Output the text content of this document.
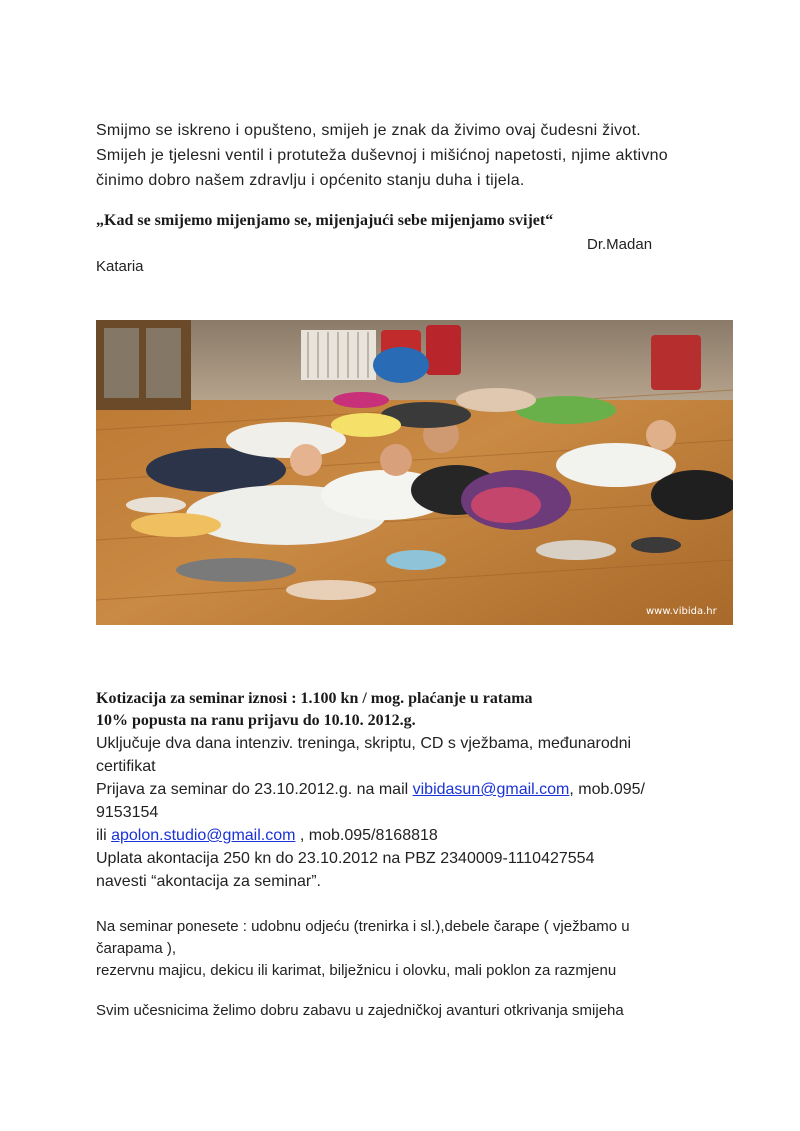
Smijmo se iskreno i opušteno, smijeh je znak da živimo ovaj čudesni život.
Smijeh je tjelesni ventil i protuteža duševnoj i mišićnoj napetosti, njime aktivno
činimo dobro našem zdravlju i općenito stanju duha i tijela.
„Kad se smijemo mijenjamo se, mijenjajući sebe mijenjamo svijet“
Dr.Madan
Kataria
www.vibida.hr
Kotizacija za seminar iznosi : 1.100 kn / mog. plaćanje u ratama
10% popusta na ranu prijavu do 10.10. 2012.g.
Uključuje dva dana intenziv. treninga, skriptu, CD s vježbama, međunarodni
certifikat
Prijava za seminar do 23.10.2012.g. na mail vibidasun@gmail.com, mob.095/
9153154
ili apolon.studio@gmail.com , mob.095/8168818
Uplata akontacija 250 kn do 23.10.2012 na PBZ 2340009-1110427554
navesti “akontacija za seminar”.
Na seminar ponesete : udobnu odjeću (trenirka i sl.),debele čarape ( vježbamo u
čarapama ),
rezervnu majicu, dekicu ili karimat, bilježnicu i olovku, mali poklon za razmjenu
Svim učesnicima želimo dobru zabavu u zajedničkoj avanturi otkrivanja smijeha
